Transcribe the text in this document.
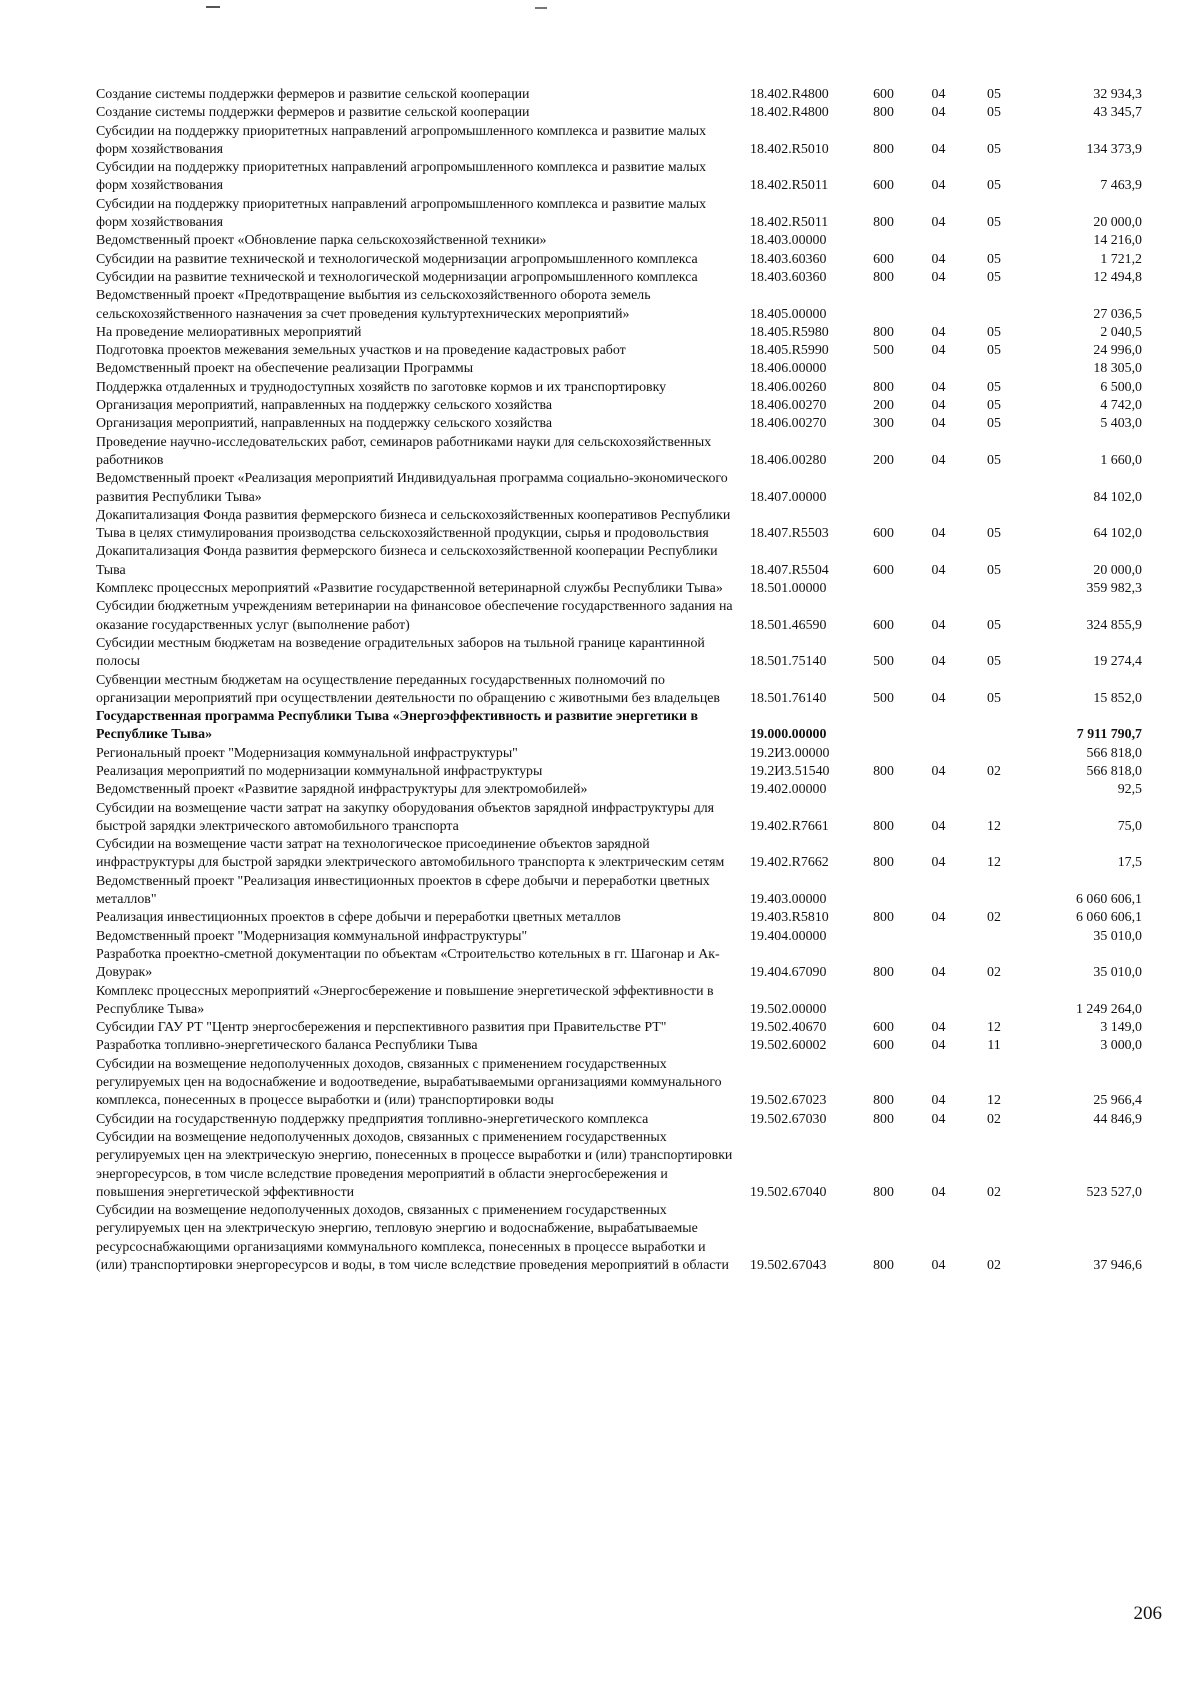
Создание системы поддержки фермеров и развитие сельской кооперации	18.402.R4800	600	04	05	32 934,3
Создание системы поддержки фермеров и развитие сельской кооперации	18.402.R4800	800	04	05	43 345,7
Субсидии на поддержку приоритетных направлений агропромышленного комплекса и развитие малых форм хозяйствования	18.402.R5010	800	04	05	134 373,9
Субсидии на поддержку приоритетных направлений агропромышленного комплекса и развитие малых форм хозяйствования	18.402.R5011	600	04	05	7 463,9
Субсидии на поддержку приоритетных направлений агропромышленного комплекса и развитие малых форм хозяйствования	18.402.R5011	800	04	05	20 000,0
Ведомственный проект «Обновление парка сельскохозяйственной техники»	18.403.00000				14 216,0
Субсидии на развитие технической и технологической модернизации агропромышленного комплекса	18.403.60360	600	04	05	1 721,2
Субсидии на развитие технической и технологической модернизации агропромышленного комплекса	18.403.60360	800	04	05	12 494,8
Ведомственный проект «Предотвращение выбытия из сельскохозяйственного оборота земель сельскохозяйственного назначения за счет проведения культуртехнических мероприятий»	18.405.00000				27 036,5
На проведение мелиоративных мероприятий	18.405.R5980	800	04	05	2 040,5
Подготовка проектов межевания земельных участков и на проведение кадастровых работ	18.405.R5990	500	04	05	24 996,0
Ведомственный проект на обеспечение реализации Программы	18.406.00000				18 305,0
Поддержка отдаленных и труднодоступных хозяйств по заготовке кормов и их транспортировку	18.406.00260	800	04	05	6 500,0
Организация мероприятий, направленных на поддержку сельского хозяйства	18.406.00270	200	04	05	4 742,0
Организация мероприятий, направленных на поддержку сельского хозяйства	18.406.00270	300	04	05	5 403,0
Проведение научно-исследовательских работ, семинаров работниками науки для сельскохозяйственных работников	18.406.00280	200	04	05	1 660,0
Ведомственный проект «Реализация мероприятий Индивидуальная программа социально-экономического развития Республики Тыва»	18.407.00000				84 102,0
Докапитализация Фонда развития фермерского бизнеса и сельскохозяйственных кооперативов Республики Тыва в целях стимулирования производства сельскохозяйственной продукции, сырья и продовольствия	18.407.R5503	600	04	05	64 102,0
Докапитализация Фонда развития фермерского бизнеса и сельскохозяйственной кооперации Республики Тыва	18.407.R5504	600	04	05	20 000,0
Комплекс процессных мероприятий «Развитие государственной ветеринарной службы Республики Тыва»	18.501.00000				359 982,3
Субсидии бюджетным учреждениям ветеринарии на финансовое обеспечение государственного задания на оказание государственных услуг (выполнение работ)	18.501.46590	600	04	05	324 855,9
Субсидии местным бюджетам на возведение оградительных заборов на тыльной границе карантинной полосы	18.501.75140	500	04	05	19 274,4
Субвенции местным бюджетам на осуществление переданных государственных полномочий по организации мероприятий при осуществлении деятельности по обращению с животными без владельцев	18.501.76140	500	04	05	15 852,0
Государственная программа Республики Тыва «Энергоэффективность и развитие энергетики в Республике Тыва»	19.000.00000				7 911 790,7
Региональный проект "Модернизация коммунальной инфраструктуры"	19.2И3.00000				566 818,0
Реализация мероприятий по модернизации коммунальной инфраструктуры	19.2И3.51540	800	04	02	566 818,0
Ведомственный проект «Развитие зарядной инфраструктуры для электромобилей»	19.402.00000				92,5
Субсидии на возмещение части затрат на закупку оборудования объектов зарядной инфраструктуры для быстрой зарядки электрического автомобильного транспорта	19.402.R7661	800	04	12	75,0
Субсидии на возмещение части затрат на технологическое присоединение объектов зарядной инфраструктуры для быстрой зарядки электрического автомобильного транспорта к электрическим сетям	19.402.R7662	800	04	12	17,5
Ведомственный проект "Реализация инвестиционных проектов в сфере добычи и переработки цветных металлов"	19.403.00000				6 060 606,1
Реализация инвестиционных проектов в сфере добычи и переработки цветных металлов	19.403.R5810	800	04	02	6 060 606,1
Ведомственный проект "Модернизация коммунальной инфраструктуры"	19.404.00000				35 010,0
Разработка проектно-сметной документации по объектам «Строительство котельных в гг. Шагонар и Ак-Довурак»	19.404.67090	800	04	02	35 010,0
Комплекс процессных мероприятий «Энергосбережение и повышение энергетической эффективности в Республике Тыва»	19.502.00000				1 249 264,0
Субсидии ГАУ РТ "Центр энергосбережения и перспективного развития при Правительстве РТ"	19.502.40670	600	04	12	3 149,0
Разработка топливно-энергетического баланса Республики Тыва	19.502.60002	600	04	11	3 000,0
Субсидии на возмещение недополученных доходов, связанных с применением государственных регулируемых цен на водоснабжение и водоотведение, вырабатываемыми организациями коммунального комплекса, понесенных в процессе выработки и (или) транспортировки воды	19.502.67023	800	04	12	25 966,4
Субсидии на государственную поддержку предприятия топливно-энергетического комплекса	19.502.67030	800	04	02	44 846,9
Субсидии на возмещение недополученных доходов, связанных с применением государственных регулируемых цен на электрическую энергию, понесенных в процессе выработки и (или) транспортировки энергоресурсов, в том числе вследствие проведения мероприятий в области энергосбережения и повышения энергетической эффективности	19.502.67040	800	04	02	523 527,0
Субсидии на возмещение недополученных доходов, связанных с применением государственных регулируемых цен на электрическую энергию, тепловую энергию и водоснабжение, вырабатываемые ресурсоснабжающими организациями коммунального комплекса, понесенных в процессе выработки и (или) транспортировки энергоресурсов и воды, в том числе вследствие проведения мероприятий в области	19.502.67043	800	04	02	37 946,6
206
